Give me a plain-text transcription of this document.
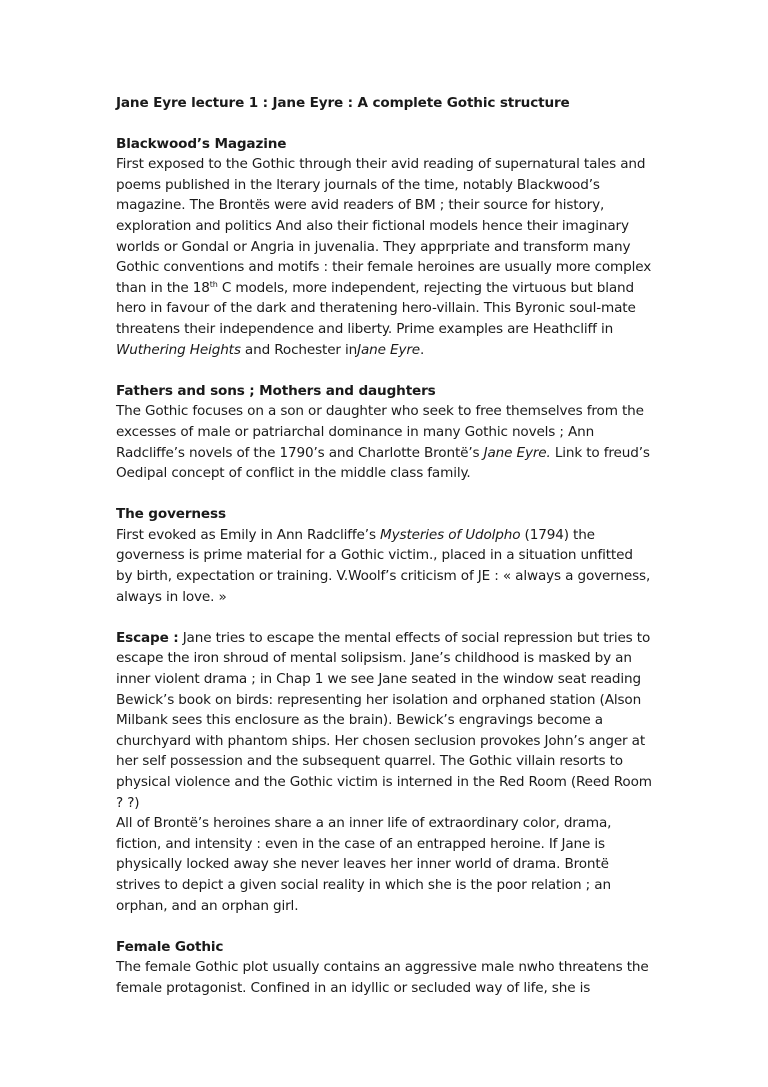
Jane Eyre lecture 1 : Jane Eyre : A complete Gothic structure
Blackwood’s Magazine

First exposed to the Gothic through their avid reading of supernatural tales and poems published in the lterary journals of the time, notably Blackwood’s magazine. The Brontës were avid readers of BM ; their source for history, exploration and politics And also their fictional models hence their imaginary worlds or Gondal or Angria in juvenalia. They apprpriate and transform many Gothic conventions and motifs : their female heroines are usually more complex than in the 18th C models, more independent, rejecting the virtuous but bland hero in favour of the dark and theratening hero-villain. This Byronic soul-mate threatens their independence and liberty. Prime examples are Heathcliff in Wuthering Heights and Rochester inJane Eyre.

Fathers and sons ; Mothers and daughters

The Gothic focuses on a son or daughter who seek to free themselves from the excesses of male or patriarchal dominance in many Gothic novels ; Ann Radcliffe’s novels of the 1790’s and Charlotte Brontë’s Jane Eyre. Link to freud’s Oedipal concept of conflict in the middle class family.

The governess

First evoked as Emily in Ann Radcliffe’s Mysteries of Udolpho (1794) the governess is prime material for a Gothic victim., placed in a situation unfitted by birth, expectation or training. V.Woolf’s criticism of JE : « always a governess, always in love. »

Escape : Jane tries to escape the mental effects of social repression but tries to escape the iron shroud of mental solipsism. Jane’s childhood is masked by an inner violent drama ; in Chap 1 we see Jane seated in the window seat reading Bewick’s book on birds: representing her isolation and orphaned station (Alson Milbank sees this enclosure as the brain). Bewick’s engravings become a churchyard with phantom ships. Her chosen seclusion provokes John’s anger at her self possession and the subsequent quarrel. The Gothic villain resorts to physical violence and the Gothic victim is interned in the Red Room (Reed Room ? ?)

All of Brontë’s heroines share a an inner life of extraordinary color, drama, fiction, and intensity : even in the case of an entrapped heroine. If Jane is physically locked away she never leaves her inner world of drama. Brontë strives to depict a given social reality in which she is the poor relation ; an orphan, and an orphan girl.

Female Gothic

The female Gothic plot usually contains an aggressive male nwho threatens the female protagonist. Confined in an idyllic or secluded way of life, she is
